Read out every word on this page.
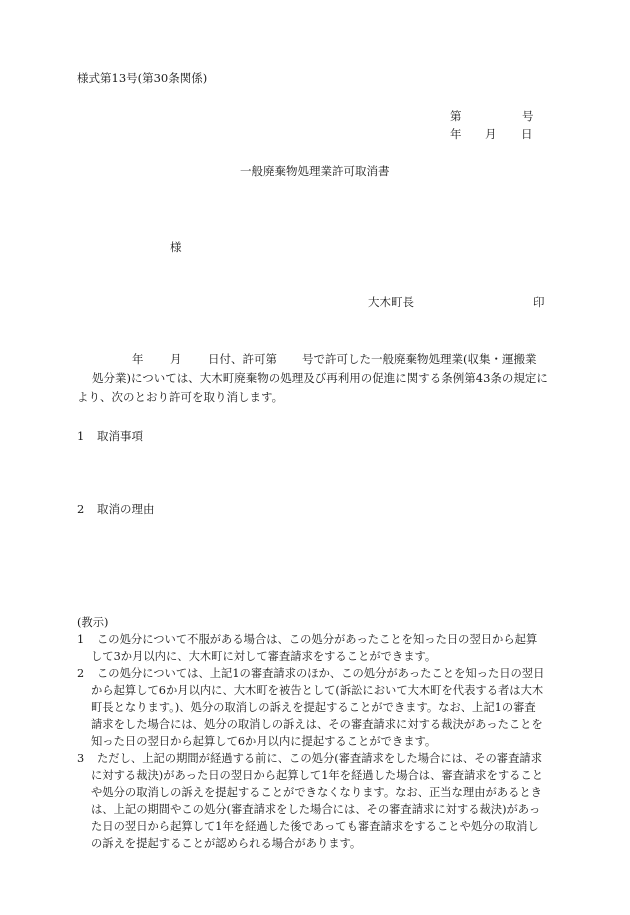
様式第13号(第30条関係)
第	号
年 月 日
一般廃棄物処理業許可取消書
様
大木町長	印
年 月 日付、許可第 号で許可した一般廃棄物処理業(収集・運搬業
処分業)については、大木町廃棄物の処理及び再利用の促進に関する条例第43条の規定に
より、次のとおり許可を取り消します。
1 取消事項
2 取消の理由
(教示)
1	この処分について不服がある場合は、この処分があったことを知った日の翌日から起算
して3か月以内に、大木町に対して審査請求をすることができます。
2	この処分については、上記1の審査請求のほか、この処分があったことを知った日の翌日
から起算して6か月以内に、大木町を被告として(訴訟において大木町を代表する者は大木
町長となります。)、処分の取消しの訴えを提起することができます。なお、上記1の審査
請求をした場合には、処分の取消しの訴えは、その審査請求に対する裁決があったことを
知った日の翌日から起算して6か月以内に提起することができます。
3	ただし、上記の期間が経過する前に、この処分(審査請求をした場合には、その審査請求
に対する裁決)があった日の翌日から起算して1年を経過した場合は、審査請求をすること
や処分の取消しの訴えを提起することができなくなります。なお、正当な理由があるとき
は、上記の期間やこの処分(審査請求をした場合には、その審査請求に対する裁決)があっ
た日の翌日から起算して1年を経過した後であっても審査請求をすることや処分の取消し
の訴えを提起することが認められる場合があります。
